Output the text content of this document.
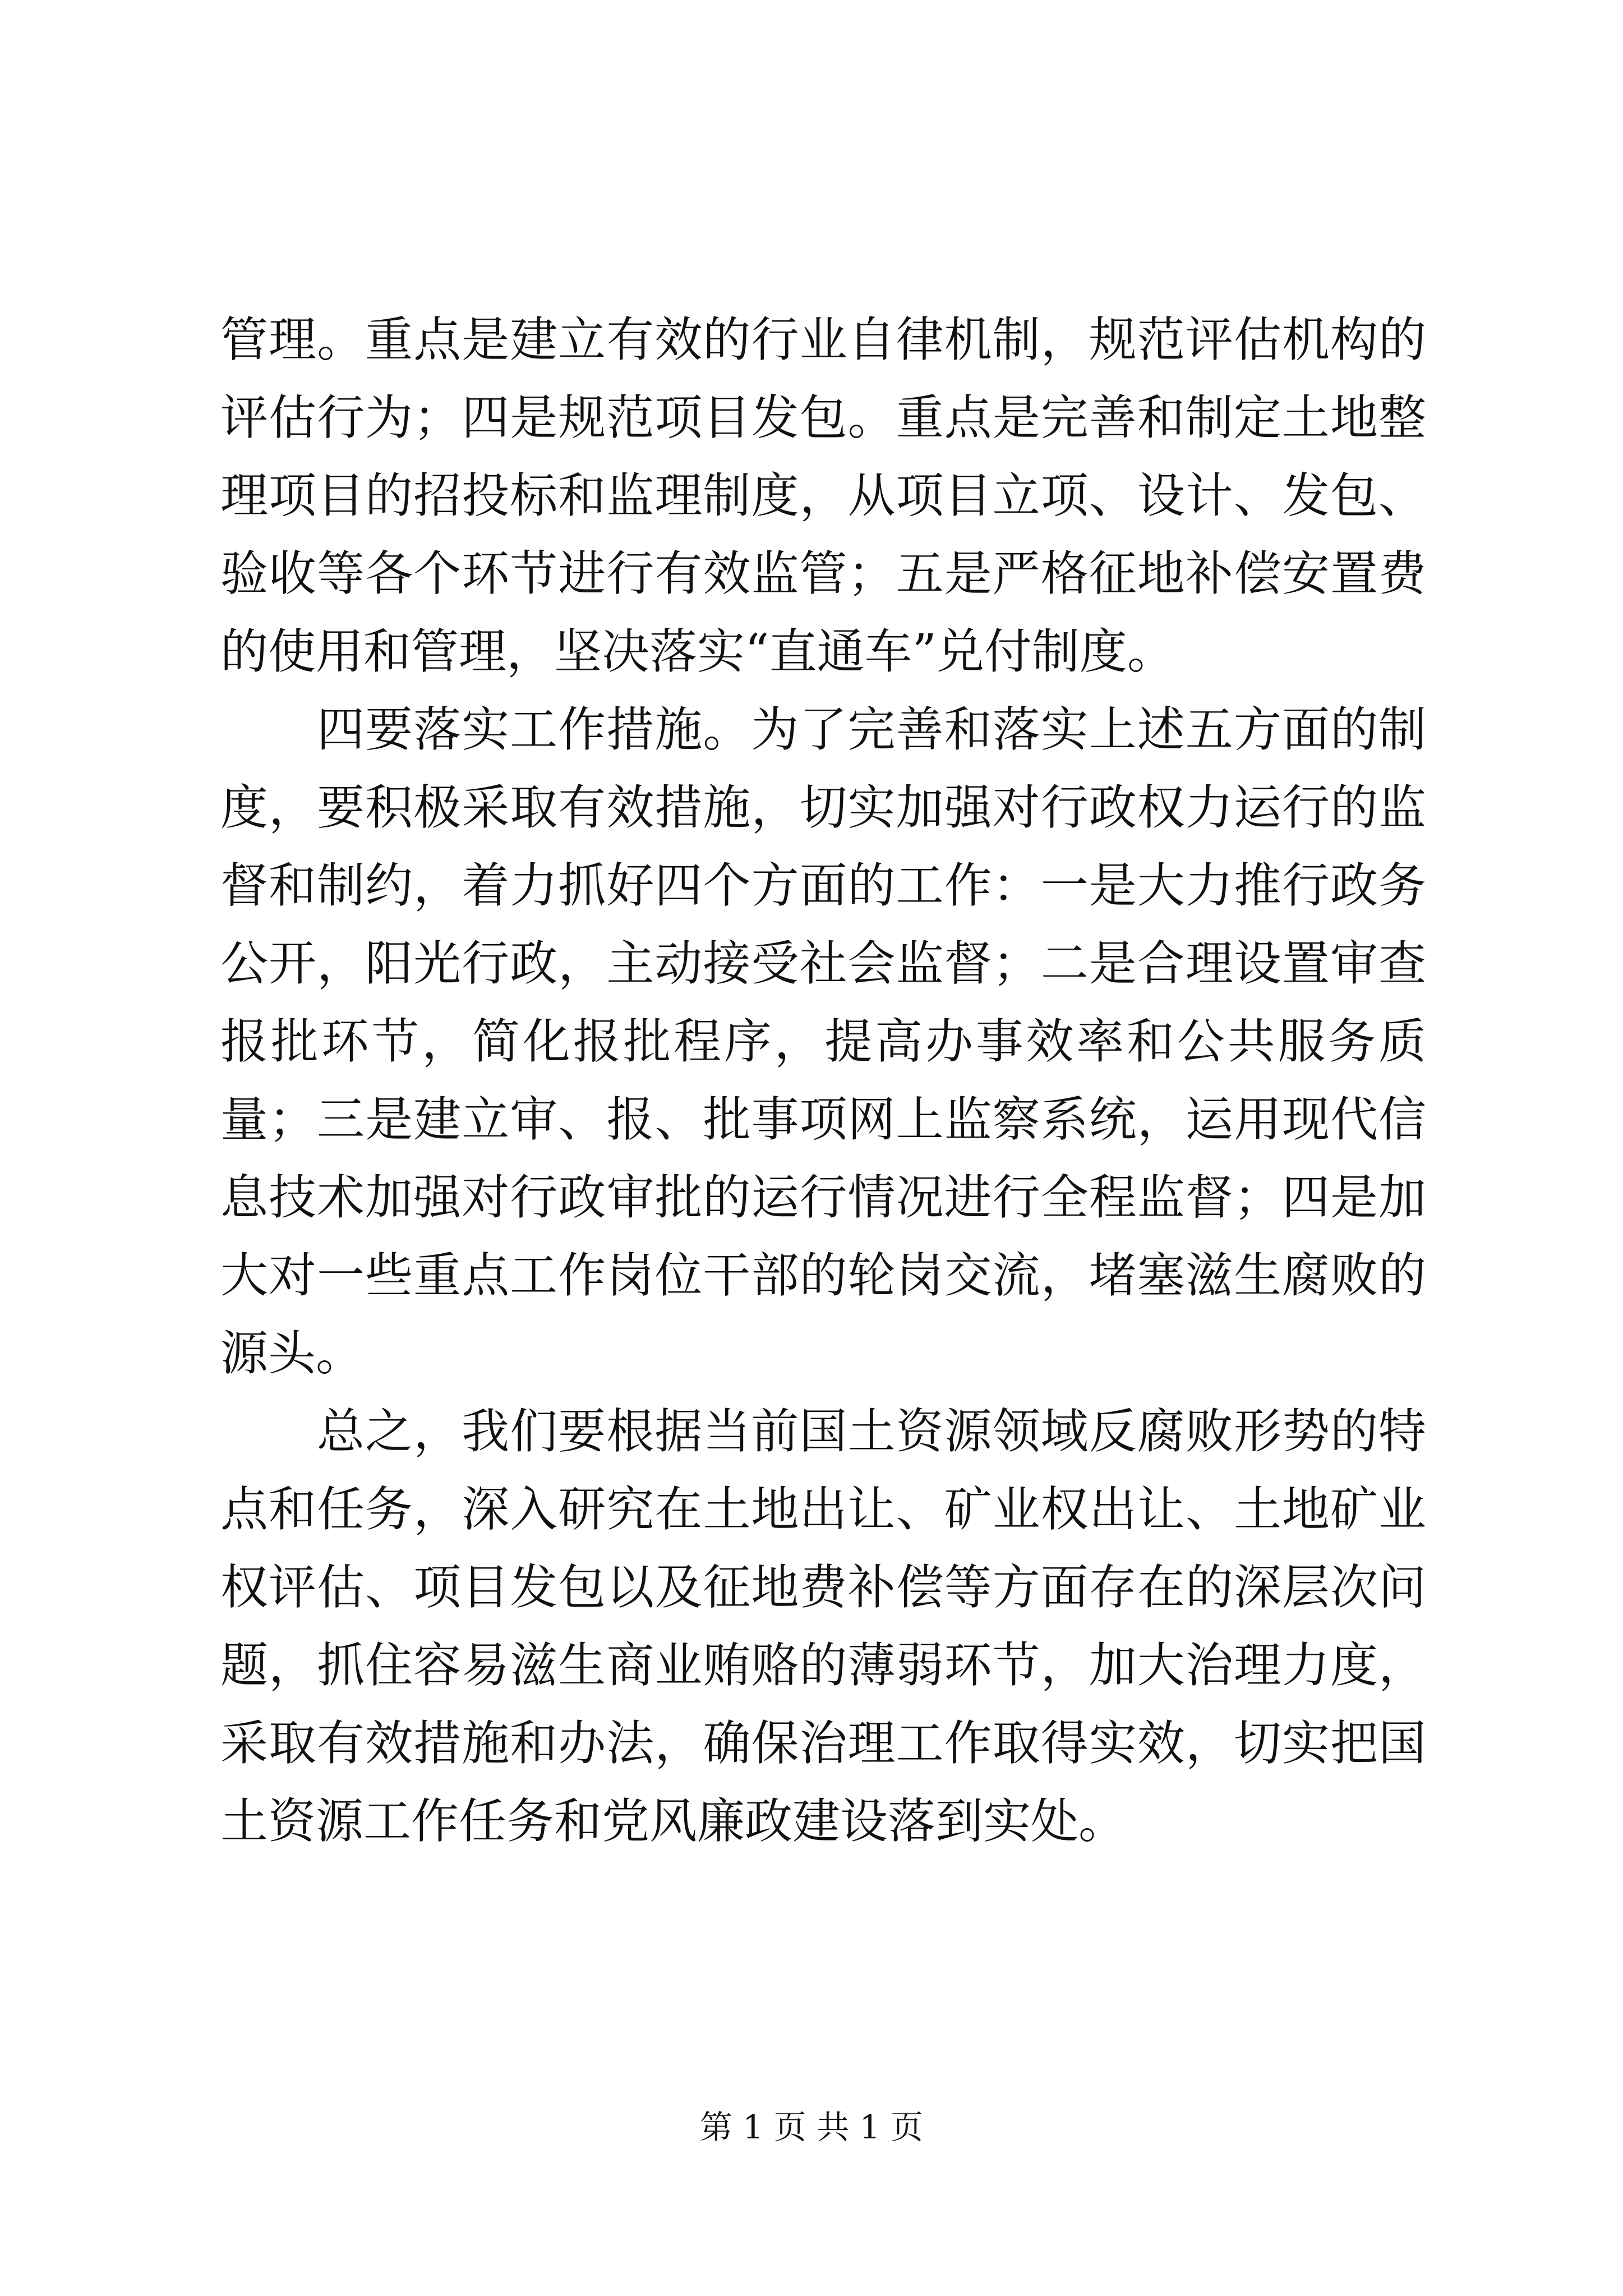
管理。重点是建立有效的行业自律机制，规范评估机构的评估行为；四是规范项目发包。重点是完善和制定土地整理项目的招投标和监理制度，从项目立项、设计、发包、验收等各个环节进行有效监管；五是严格征地补偿安置费的使用和管理，坚决落实“直通车”兑付制度。

四要落实工作措施。为了完善和落实上述五方面的制度，要积极采取有效措施，切实加强对行政权力运行的监督和制约，着力抓好四个方面的工作：一是大力推行政务公开，阳光行政，主动接受社会监督；二是合理设置审查报批环节，简化报批程序，提高办事效率和公共服务质量；三是建立审、报、批事项网上监察系统，运用现代信息技术加强对行政审批的运行情况进行全程监督；四是加大对一些重点工作岗位干部的轮岗交流，堵塞滋生腐败的源头。

总之，我们要根据当前国土资源领域反腐败形势的特点和任务，深入研究在土地出让、矿业权出让、土地矿业权评估、项目发包以及征地费补偿等方面存在的深层次问题，抓住容易滋生商业贿赂的薄弱环节，加大治理力度，采取有效措施和办法，确保治理工作取得实效，切实把国土资源工作任务和党风廉政建设落到实处。

第 1 页 共 1 页
